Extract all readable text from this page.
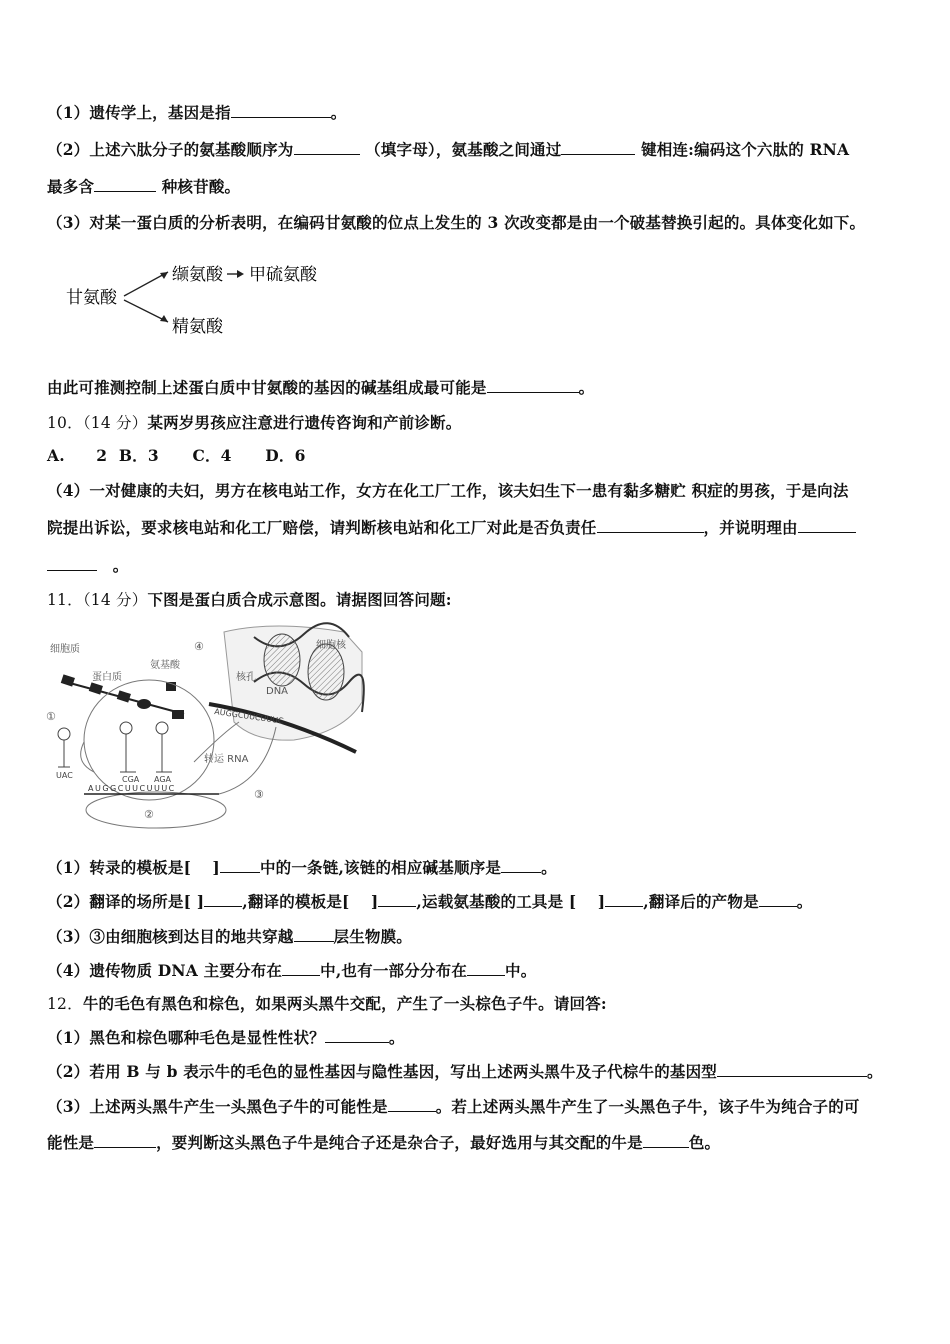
（1）遗传学上，基因是指	。
（2）上述六肽分子的氨基酸顺序为	（填字母），氨基酸之间通过	键相连:编码这个六肽的 RNA
最多含	种核苷酸。
（3）对某一蛋白质的分析表明，在编码甘氨酸的位点上发生的 3 次改变都是由一个破基替换引起的。具体变化如下。
甘氨酸
缬氨酸 甲硫氨酸
精氨酸
由此可推测控制上述蛋白质中甘氨酸的基因的碱基组成最可能是	。
10．（14 分）某两岁男孩应注意进行遗传咨询和产前诊断。
A.　　2 B．3 C．4 D．6
（4）一对健康的夫妇，男方在核电站工作，女方在化工厂工作，该夫妇生下一患有黏多糖贮 积症的男孩，于是向法
院提出诉讼，要求核电站和化工厂赔偿，请判断核电站和化工厂对此是否负责任	，并说明理由
　。
11．（14 分）下图是蛋白质合成示意图。请据图回答问题:
核孔
DNA
细胞核
AUGGCUUCUUUC
④
细胞质
蛋白质
氨基酸
①
UAC	CGA AGA
转运 RNA
AUGGCUUCUUUC
②
③
（1）转录的模板是[　 ]	中的一条链,该链的相应碱基顺序是	。
（2）翻译的场所是[ ] ,翻译的模板是[　 ] ,运载氨基酸的工具是 [　 ] ,翻译后的产物是 。
（3）③由细胞核到达目的地共穿越	层生物膜。
（4）遗传物质 DNA 主要分布在 中,也有一部分分布在 中。
12．牛的毛色有黑色和棕色，如果两头黑牛交配，产生了一头棕色子牛。请回答:
（1）黑色和棕色哪种毛色是显性性状？	。
（2）若用 B 与 b 表示牛的毛色的显性基因与隐性基因，写出上述两头黑牛及子代棕牛的基因型	。
（3）上述两头黑牛产生一头黑色子牛的可能性是	。若上述两头黑牛产生了一头黑色子牛，该子牛为纯合子的可
能性是	，要判断这头黑色子牛是纯合子还是杂合子，最好选用与其交配的牛是	色。
